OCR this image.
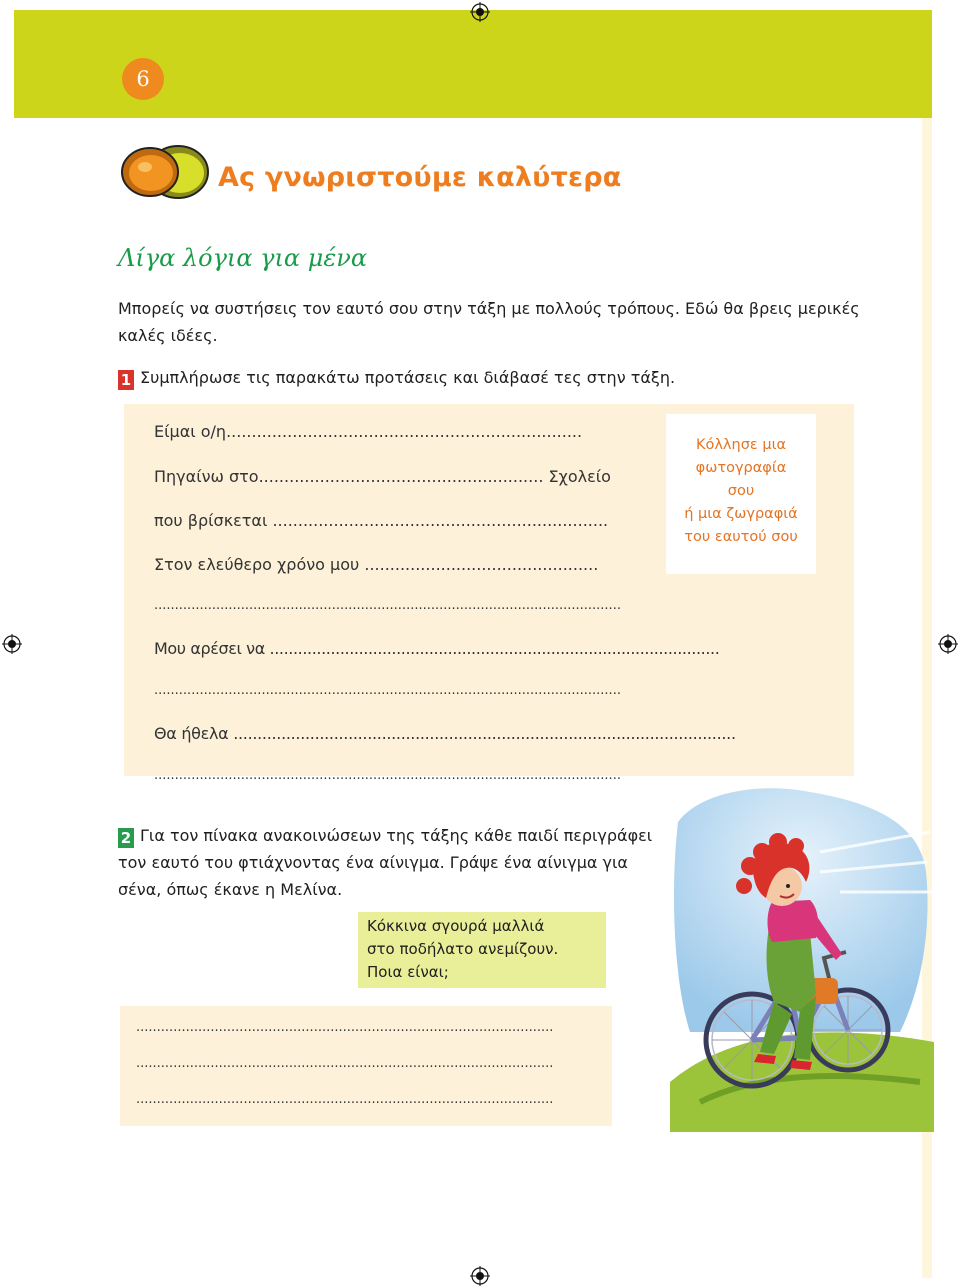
6
Ας γνωριστούμε καλύτερα
Λίγα λόγια για μένα
Μπορείς να συστήσεις τον εαυτό σου στην τάξη με πολλούς τρόπους. Εδώ θα βρεις μερικές καλές ιδέες.
1 Συμπλήρωσε τις παρακάτω προτάσεις και διάβασέ τες στην τάξη.
Είμαι ο/η......................................................................
Πηγαίνω στο........................................................ Σχολείο
που βρίσκεται ..................................................................
Στον ελεύθερο χρόνο μου ..............................................
.................................................................................................................
Μου αρέσει να ................................................................................................
.................................................................................................................
Θα ήθελα .........................................................................................................
.................................................................................................................
Κόλλησε μια
φωτογραφία
σου
ή μια ζωγραφιά
του εαυτού σου
2 Για τον πίνακα ανακοινώσεων της τάξης κάθε παιδί περιγράφει τον εαυτό του φτιάχνοντας ένα αίνιγμα. Γράψε ένα αίνιγμα για σένα, όπως έκανε η Μελίνα.
Κόκκινα σγουρά μαλλιά
στο ποδήλατο ανεμίζουν.
Ποια είναι;
.....................................................................................................
.....................................................................................................
.....................................................................................................
